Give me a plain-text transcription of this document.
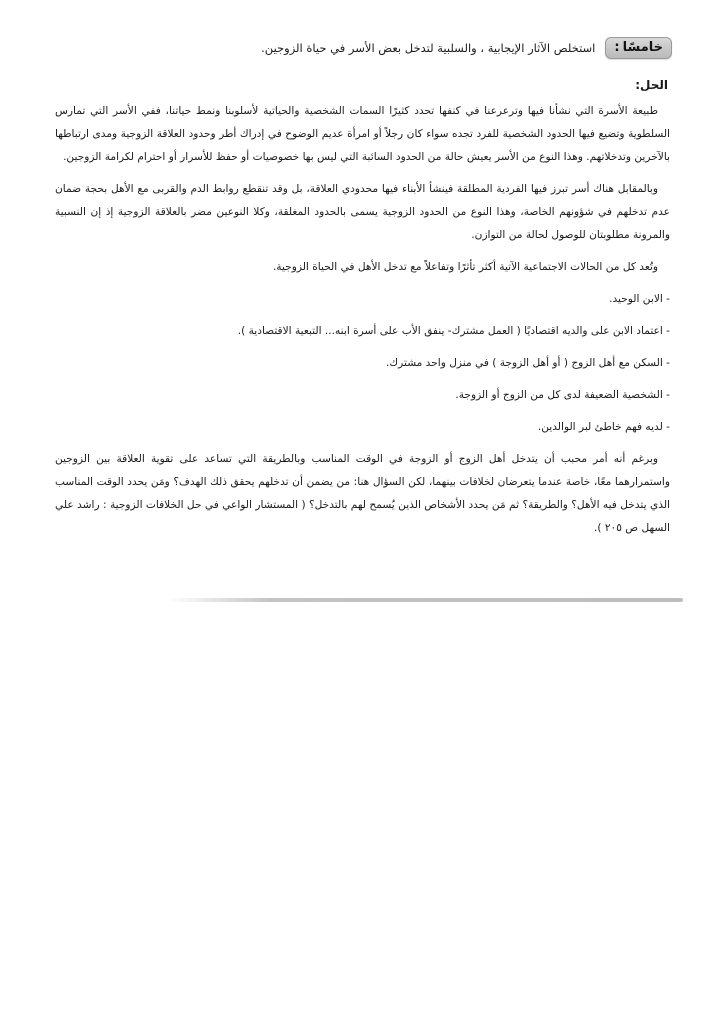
خامسًا
:
استخلص الآثار الإيجابية ، والسلبية لتدخل بعض الأسر في حياة الزوجين.
الحل:

طبيعة الأسرة التي نشأنا فيها وترعرعنا في كنفها تحدد كثيرًا السمات الشخصية والحياتية لأسلوبنا ونمط حياتنا، ففي الأسر التي تمارس السلطوية وتضيع فيها الحدود الشخصية للفرد تجده سواء كان رجلاً أو امرأة عديم الوضوح في إدراك أطر وحدود العلاقة الزوجية ومدى ارتباطها بالآخرين وتدخلاتهم. وهذا النوع من الأسر يعيش حالة من الحدود السائبة التي ليس بها خصوصيات أو حفظ للأسرار أو احترام لكرامة الزوجين.

وبالمقابل هناك أسر تبرز فيها الفردية المطلقة فينشأ الأبناء فيها محدودي العلاقة، بل وقد تنقطع روابط الدم والقربى مع الأهل بحجة ضمان عدم تدخلهم في شؤونهم الخاصة، وهذا النوع من الحدود الزوجية يسمى بالحدود المغلقة، وكلا النوعين مضر بالعلاقة الزوجية إذ إن النسبية والمرونة مطلوبتان للوصول لحالة من التوازن.

وتُعد كل من الحالات الاجتماعية الآتية أكثر تأثرًا وتفاعلاً مع تدخل الأهل في الحياة الزوجية.

- الابن الوحيد.
- اعتماد الابن على والديه اقتصاديًا ( العمل مشترك- ينفق الأب على أسرة ابنه... التبعية الاقتصادية ).
- السكن مع أهل الزوج ( أو أهل الزوجة ) في منزل واحد مشترك.
- الشخصية الضعيفة لدى كل من الزوج أو الزوجة.
- لديه فهم خاطئ لبر الوالدين.

وبرغم أنه أمر محبب أن يتدخل أهل الزوج أو الزوجة في الوقت المناسب وبالطريقة التي تساعد على تقوية العلاقة بين الزوجين واستمرارهما معًا، خاصة عندما يتعرضان لخلافات بينهما، لكن السؤال هنا: من يضمن أن تدخلهم يحقق ذلك الهدف؟ ومَن يحدد الوقت المناسب الذي يتدخل فيه الأهل؟ والطريقة؟ ثم مَن يحدد الأشخاص الذين يُسمح لهم بالتدخل؟ ( المستشار الواعي في حل الخلافات الزوجية : راشد علي السهل ص ٢٠٥ ).
